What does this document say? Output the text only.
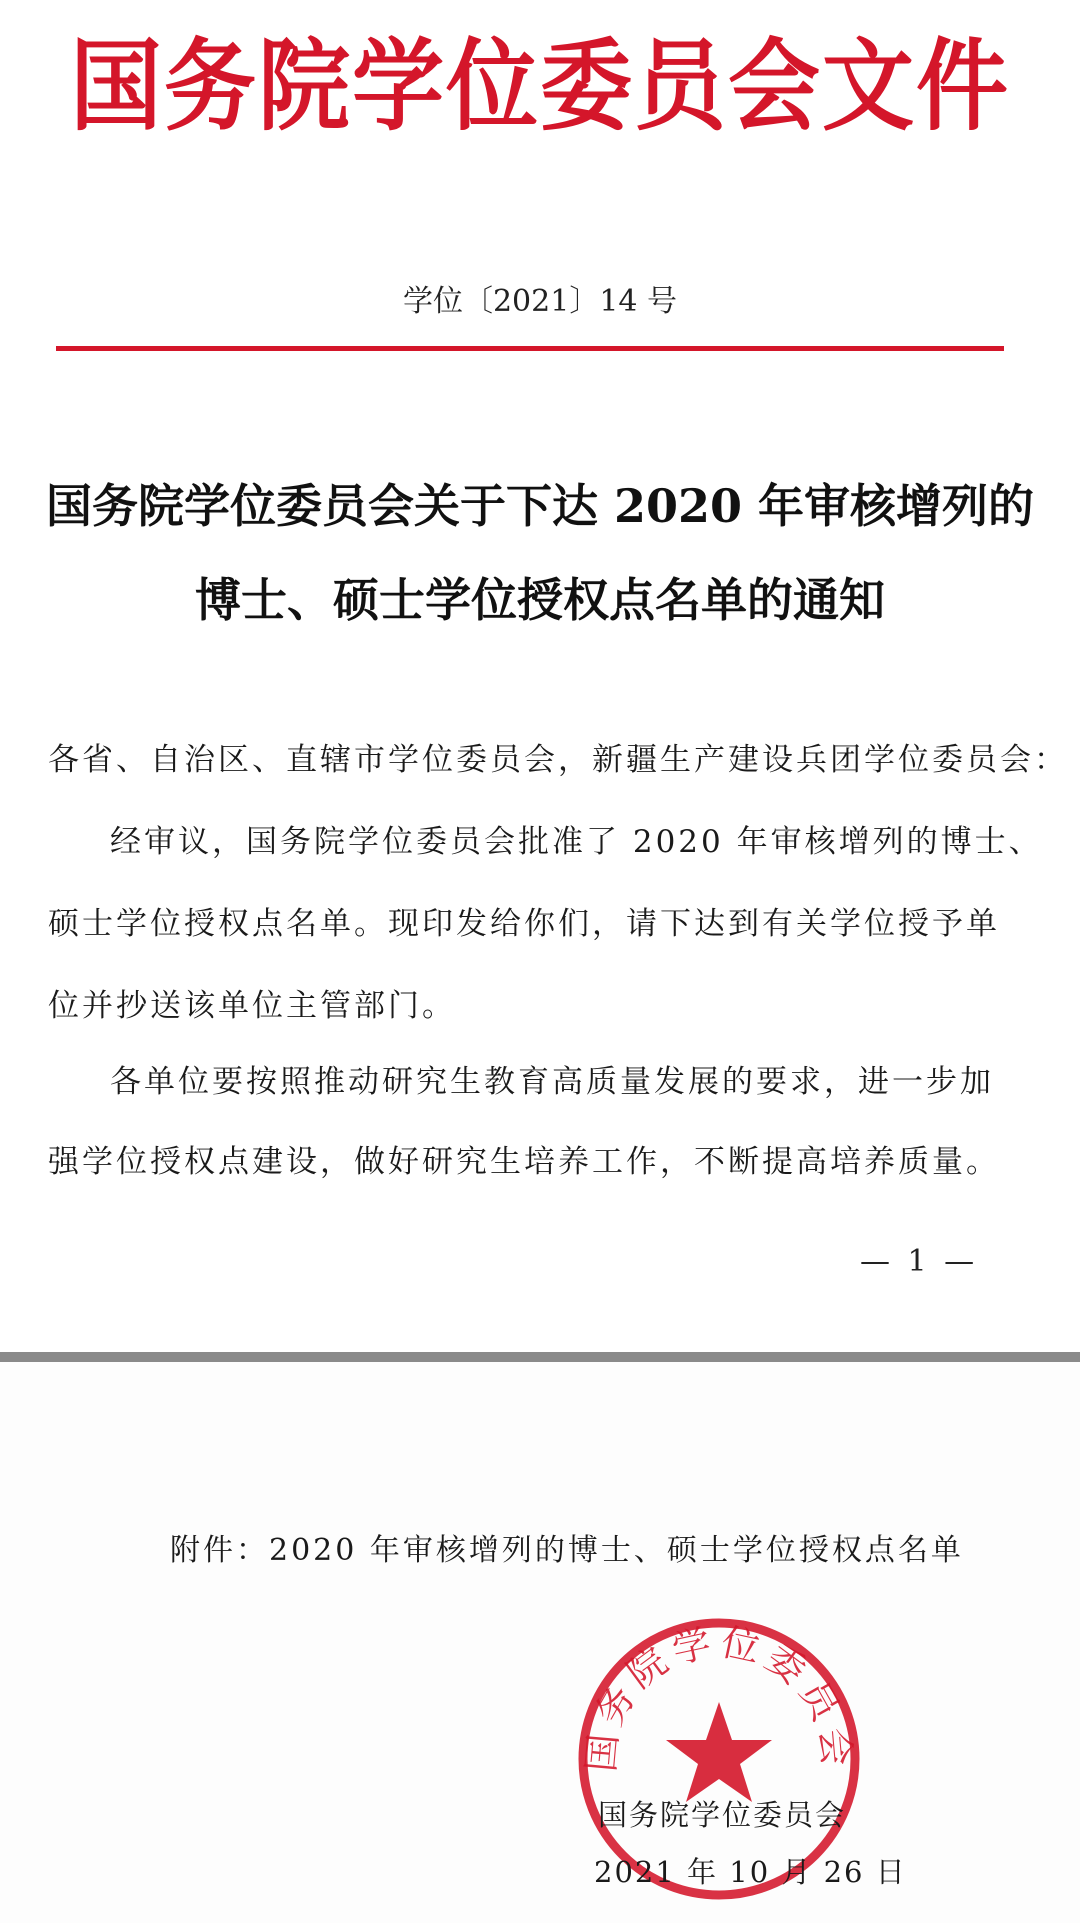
国务院学位委员会文件
学位〔2021〕14 号
国务院学位委员会关于下达 2020 年审核增列的
博士、硕士学位授权点名单的通知
各省、自治区、直辖市学位委员会，新疆生产建设兵团学位委员会：
经审议，国务院学位委员会批准了 2020 年审核增列的博士、
硕士学位授权点名单。现印发给你们，请下达到有关学位授予单
位并抄送该单位主管部门。
各单位要按照推动研究生教育高质量发展的要求，进一步加
强学位授权点建设，做好研究生培养工作，不断提高培养质量。
— 1 —
附件：2020 年审核增列的博士、硕士学位授权点名单
国务院学位委员会
国务院学位委员会
2021 年 10 月 26 日
